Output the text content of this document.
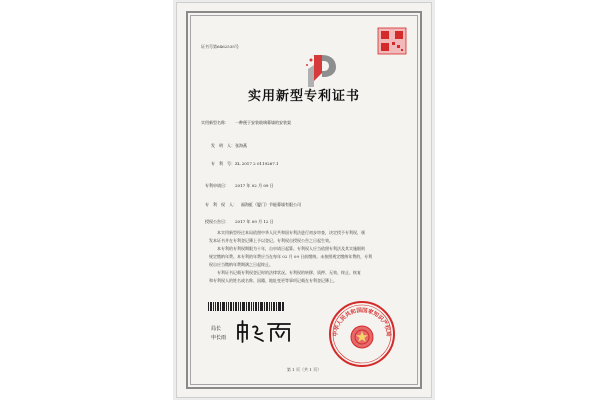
证书号第6462535号
实用新型专利证书
实用新型名称： 一种便于安装玻璃幕墙的安装架
发　明　人： 张海燕
专　利　号： ZL 2017 2 0119267.1
专利申请日： 2017 年 02 月 09 日
专　利　权　人： 福海虹（厦门）节能幕墙有限公司
授权公告日： 2017 年 09 月 12 日

本实用新型经过本局依照中华人民共和国专利法进行初步审查，决定授予专利权，颁

发本证书并在专利登记簿上予以登记。专利权自授权公告之日起生效。

本专利的专利权期限为十年，自申请日起算。专利权人应当依照专利法及其实施细则

规定缴纳年费。本专利的年费应当在每年 02 月 09 日前缴纳。未按照规定缴纳年费的，专利

权自应当缴纳年费期满之日起终止。

专利证书记载专利权登记时的法律状况。专利权的转移、质押、无效、终止、恢复

和专利权人的姓名或名称、国籍、地址变更等事项记载在专利登记簿上。

局长
申长雨
中华人民共和国国家知识产权局
第 1 页（共 1 页）
